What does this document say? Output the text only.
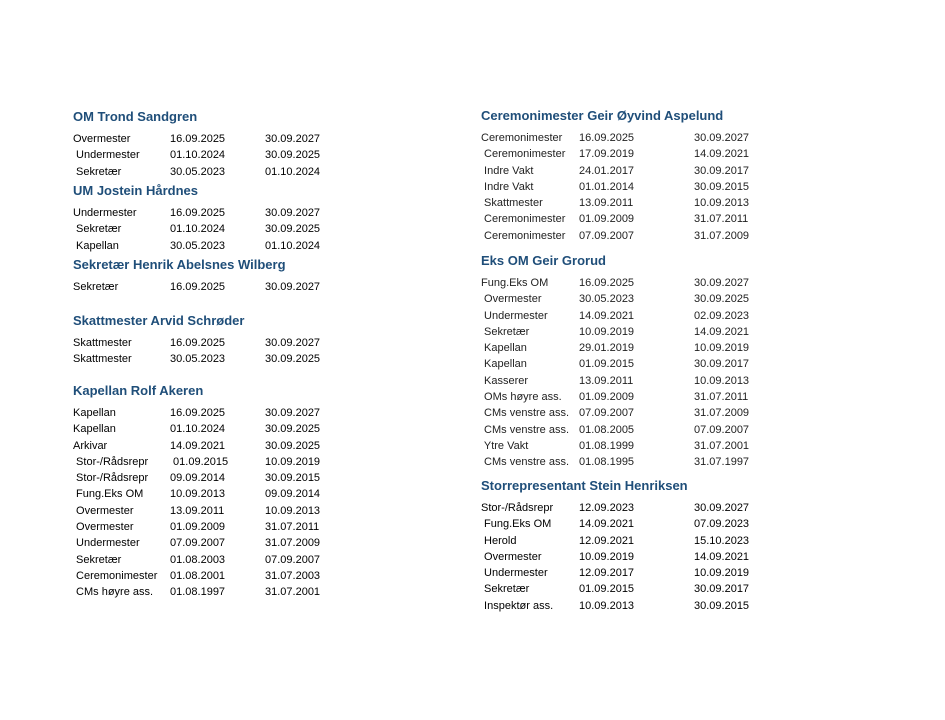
OM Trond Sandgren
Overmester	16.09.2025	30.09.2027
Undermester	01.10.2024	30.09.2025
Sekretær	30.05.2023	01.10.2024
UM Jostein Hårdnes
Undermester	16.09.2025	30.09.2027
Sekretær	01.10.2024	30.09.2025
Kapellan	30.05.2023	01.10.2024
Sekretær Henrik Abelsnes Wilberg
Sekretær	16.09.2025	30.09.2027
Skattmester Arvid Schrøder
Skattmester	16.09.2025	30.09.2027
Skattmester	30.05.2023	30.09.2025
Kapellan Rolf Akeren
Kapellan	16.09.2025	30.09.2027
Kapellan	01.10.2024	30.09.2025
Arkivar	14.09.2021	30.09.2025
Stor-/Rådsrepr	01.09.2015	10.09.2019
Stor-/Rådsrepr	09.09.2014	30.09.2015
Fung.Eks OM	10.09.2013	09.09.2014
Overmester	13.09.2011	10.09.2013
Overmester	01.09.2009	31.07.2011
Undermester	07.09.2007	31.07.2009
Sekretær	01.08.2003	07.09.2007
Ceremonimester	01.08.2001	31.07.2003
CMs høyre ass.	01.08.1997	31.07.2001
Ceremonimester Geir Øyvind Aspelund
Ceremonimester	16.09.2025	30.09.2027
Ceremonimester	17.09.2019	14.09.2021
Indre Vakt	24.01.2017	30.09.2017
Indre Vakt	01.01.2014	30.09.2015
Skattmester	13.09.2011	10.09.2013
Ceremonimester	01.09.2009	31.07.2011
Ceremonimester	07.09.2007	31.07.2009
Eks OM Geir Grorud
Fung.Eks OM	16.09.2025	30.09.2027
Overmester	30.05.2023	30.09.2025
Undermester	14.09.2021	02.09.2023
Sekretær	10.09.2019	14.09.2021
Kapellan	29.01.2019	10.09.2019
Kapellan	01.09.2015	30.09.2017
Kasserer	13.09.2011	10.09.2013
OMs høyre ass.	01.09.2009	31.07.2011
CMs venstre ass.	07.09.2007	31.07.2009
CMs venstre ass.	01.08.2005	07.09.2007
Ytre Vakt	01.08.1999	31.07.2001
CMs venstre ass.	01.08.1995	31.07.1997
Storrepresentant Stein Henriksen
Stor-/Rådsrepr	12.09.2023	30.09.2027
Fung.Eks OM	14.09.2021	07.09.2023
Herold	12.09.2021	15.10.2023
Overmester	10.09.2019	14.09.2021
Undermester	12.09.2017	10.09.2019
Sekretær	01.09.2015	30.09.2017
Inspektør ass.	10.09.2013	30.09.2015
